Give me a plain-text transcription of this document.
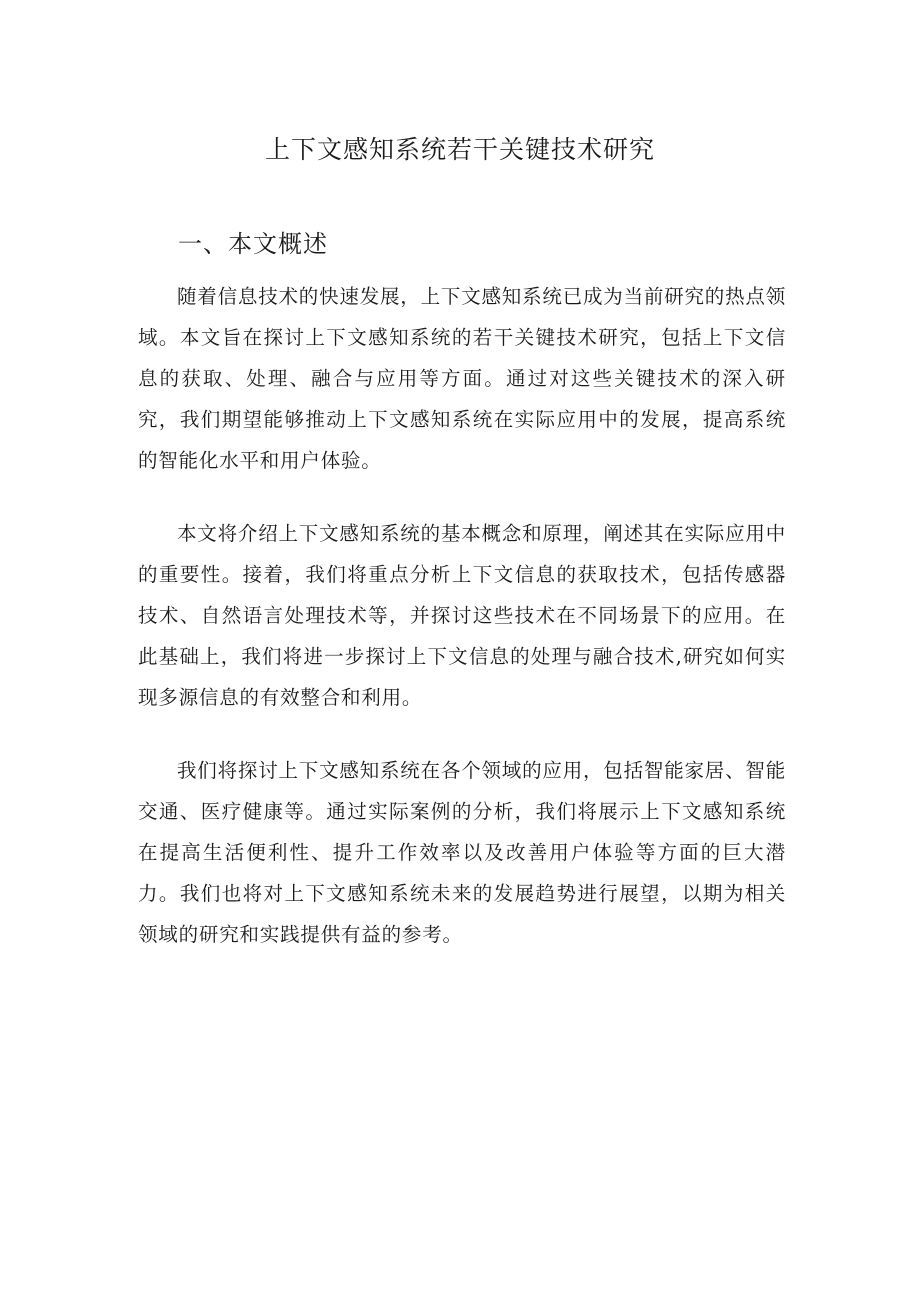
上下文感知系统若干关键技术研究
一、本文概述

随着信息技术的快速发展，上下文感知系统已成为当前研究的热点领域。本文旨在探讨上下文感知系统的若干关键技术研究，包括上下文信息的获取、处理、融合与应用等方面。通过对这些关键技术的深入研究，我们期望能够推动上下文感知系统在实际应用中的发展，提高系统的智能化水平和用户体验。

本文将介绍上下文感知系统的基本概念和原理，阐述其在实际应用中的重要性。接着，我们将重点分析上下文信息的获取技术，包括传感器技术、自然语言处理技术等，并探讨这些技术在不同场景下的应用。在此基础上，我们将进一步探讨上下文信息的处理与融合技术,研究如何实现多源信息的有效整合和利用。

我们将探讨上下文感知系统在各个领域的应用，包括智能家居、智能交通、医疗健康等。通过实际案例的分析，我们将展示上下文感知系统在提高生活便利性、提升工作效率以及改善用户体验等方面的巨大潜力。我们也将对上下文感知系统未来的发展趋势进行展望，以期为相关领域的研究和实践提供有益的参考。
